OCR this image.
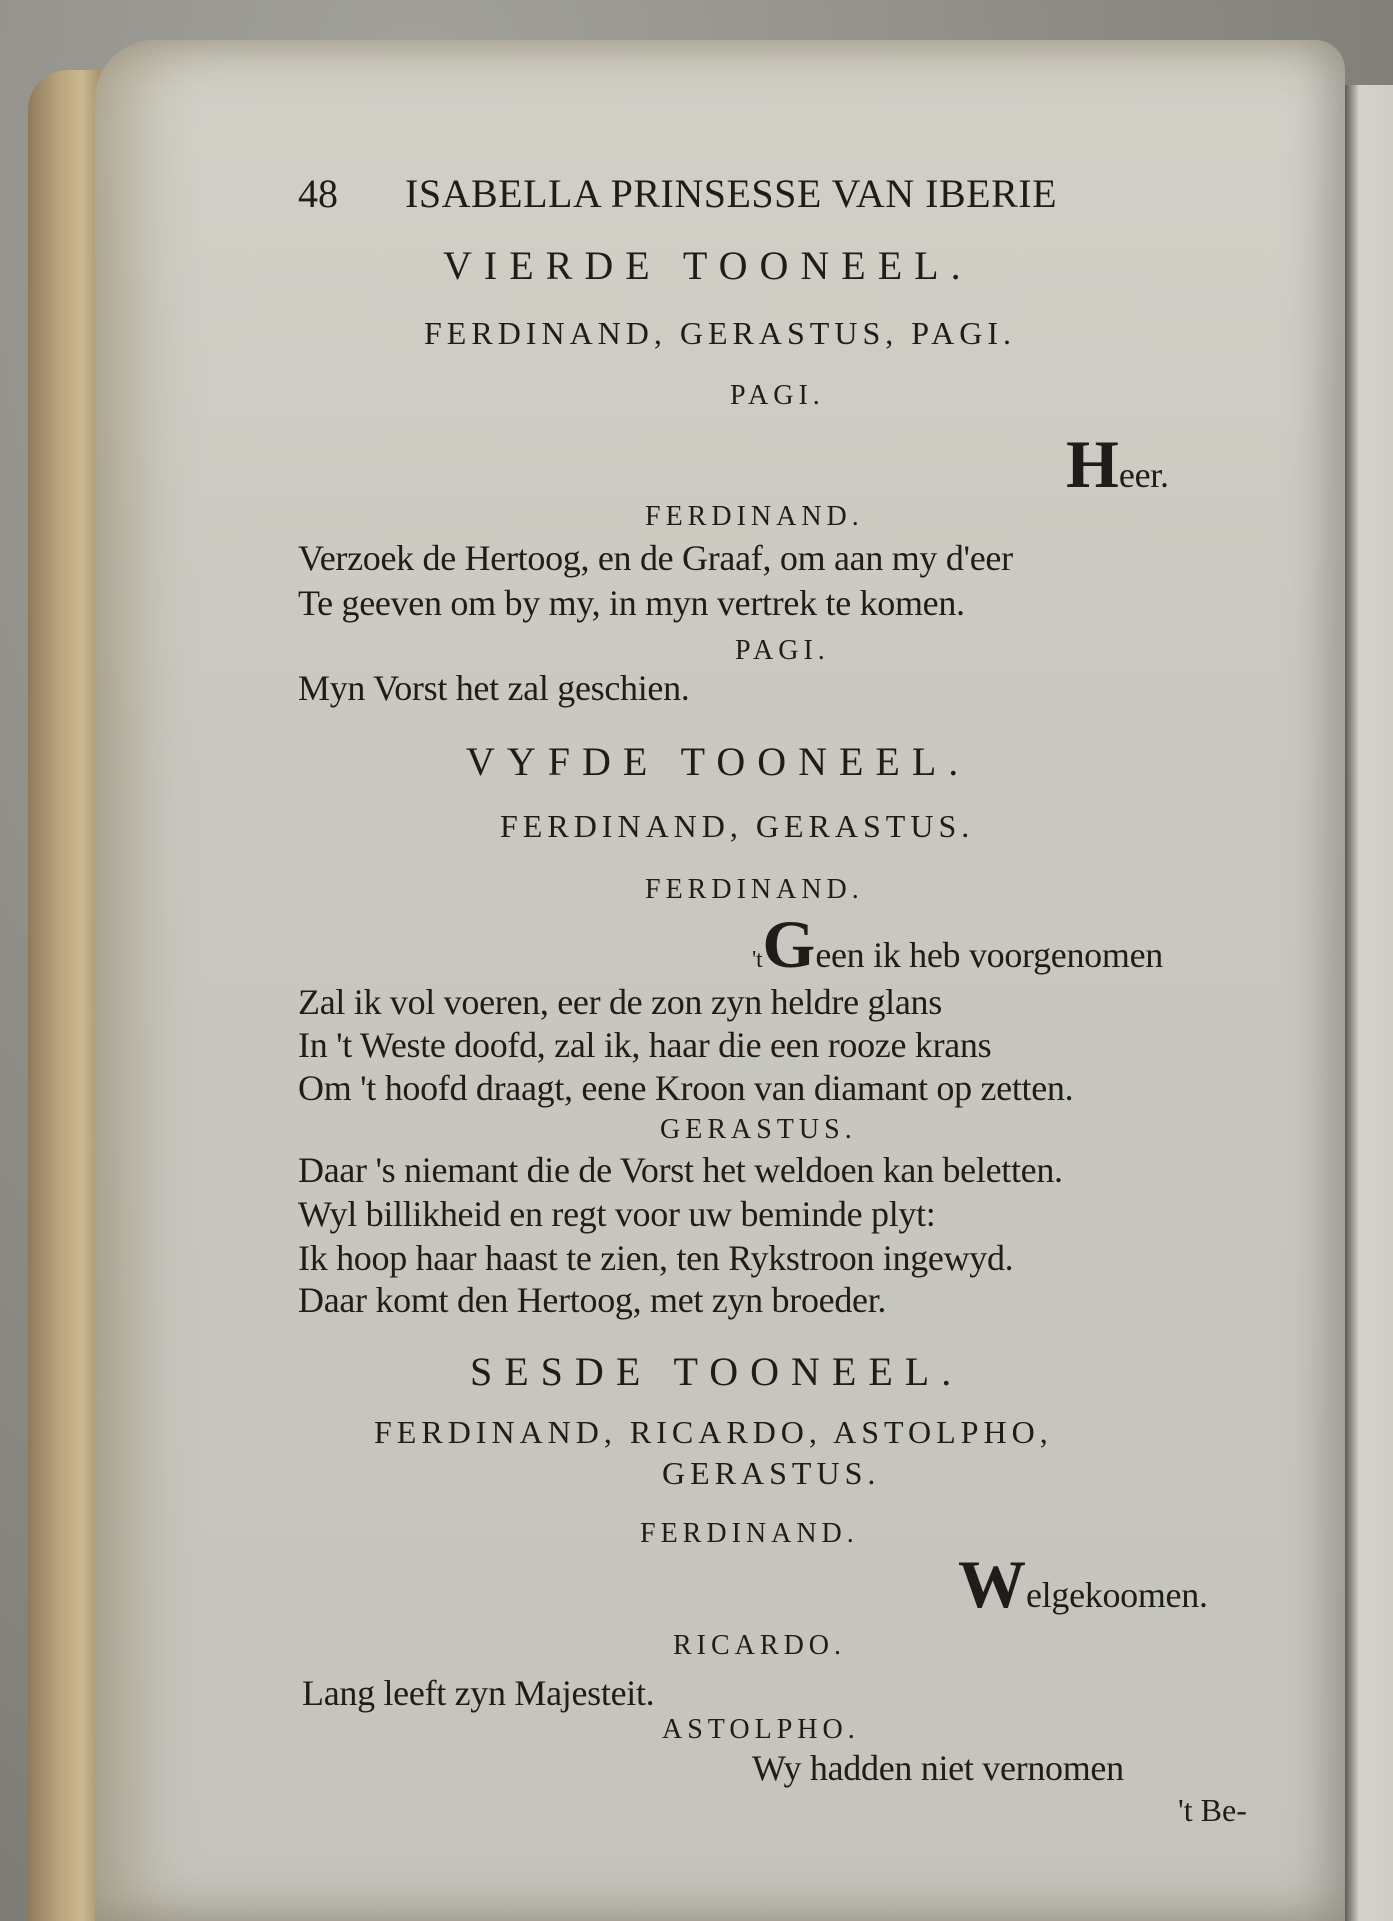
48 ISABELLA PRINSESSE VAN IBERIE
VIERDE TOONEEL.
FERDINAND, GERASTUS, PAGI.
PAGI.
Heer.
FERDINAND.
Verzoek de Hertoog, en de Graaf, om aan my d'eer
Te geeven om by my, in myn vertrek te komen.
PAGI.
Myn Vorst het zal geschien.
VYFDE TOONEEL.
FERDINAND, GERASTUS.
FERDINAND.
'tGeen ik heb voorgenomen
Zal ik vol voeren, eer de zon zyn heldre glans
In 't Weste doofd, zal ik, haar die een rooze krans
Om 't hoofd draagt, eene Kroon van diamant op zetten.
GERASTUS.
Daar 's niemant die de Vorst het weldoen kan beletten.
Wyl billikheid en regt voor uw beminde plyt:
Ik hoop haar haast te zien, ten Rykstroon ingewyd.
Daar komt den Hertoog, met zyn broeder.
SESDE TOONEEL.
FERDINAND, RICARDO, ASTOLPHO,
GERASTUS.
FERDINAND.
Welgekoomen.
RICARDO.
Lang leeft zyn Majesteit.
ASTOLPHO.
Wy hadden niet vernomen
't Be-
